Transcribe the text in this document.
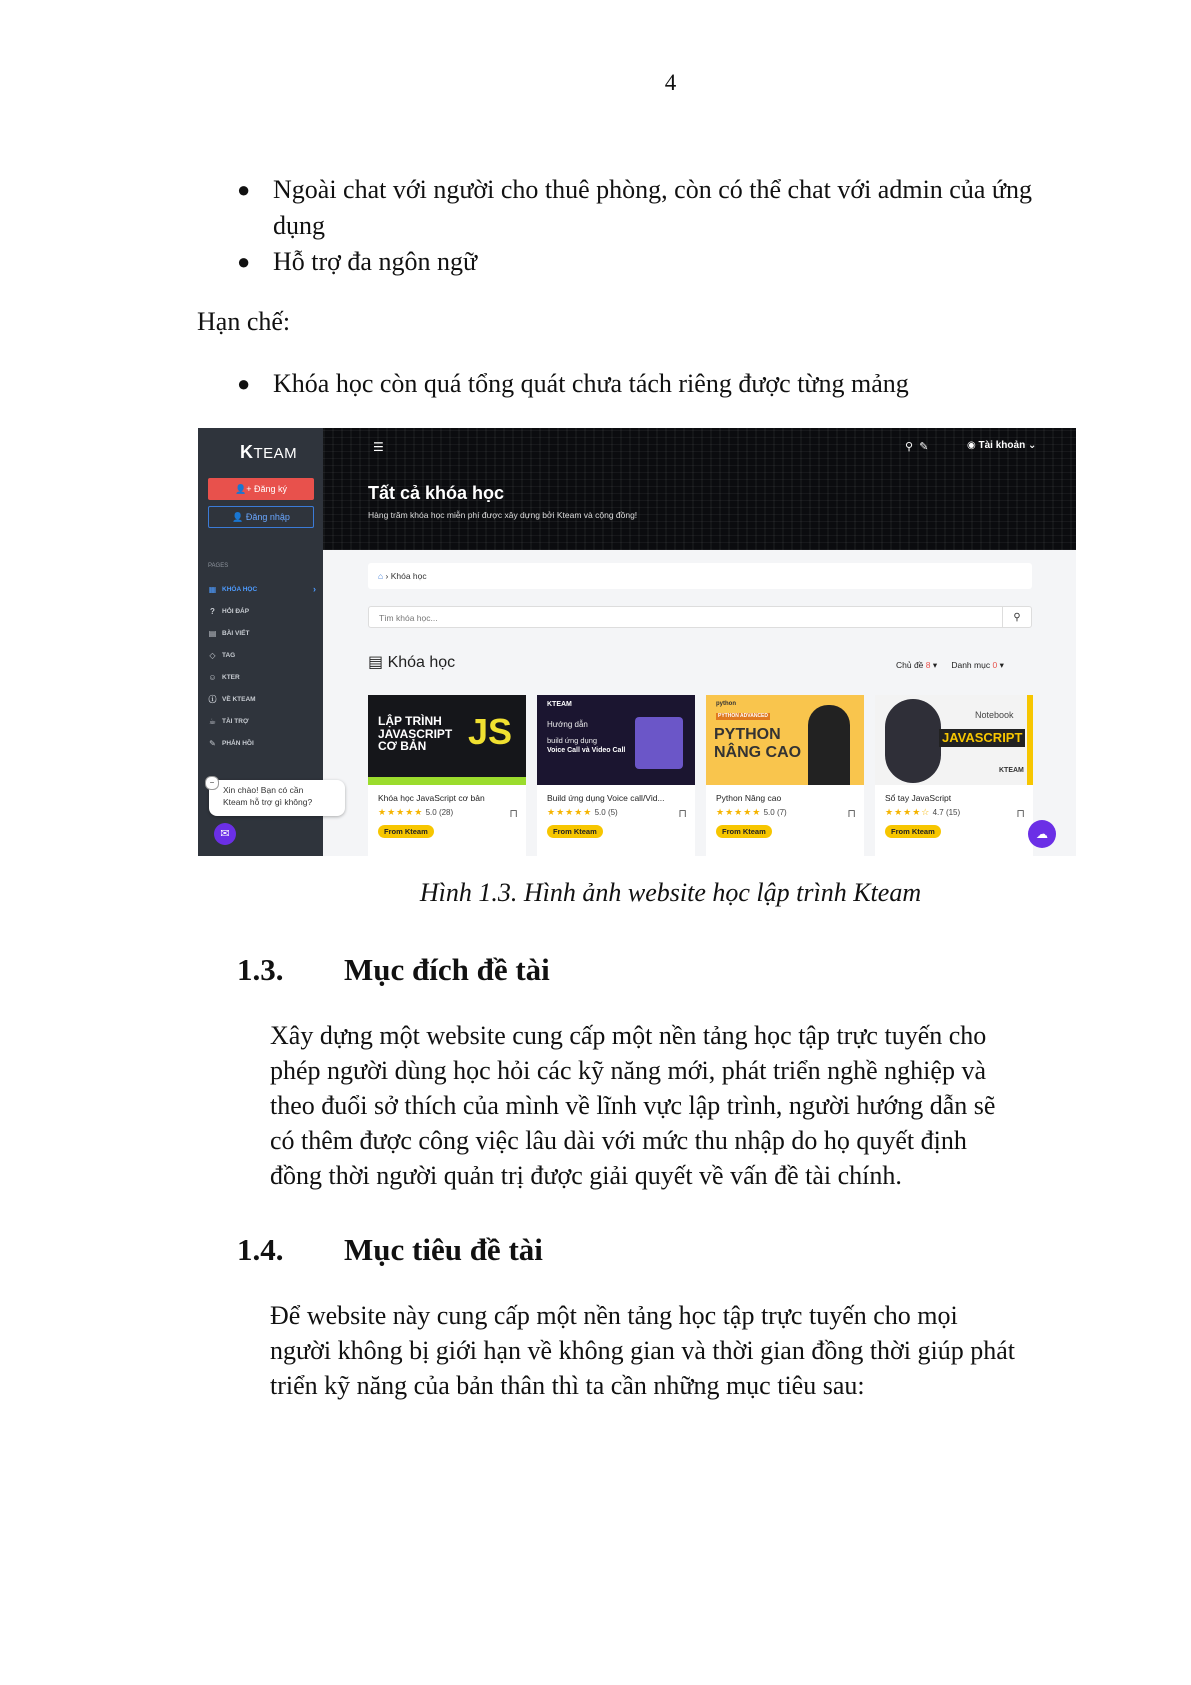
4

● Ngoài chat với người cho thuê phòng, còn có thể chat với admin của ứng dụng

● Hỗ trợ đa ngôn ngữ

Hạn chế:

● Khóa học còn quá tổng quát chưa tách riêng được từng mảng

KTEAM
👤+ Đăng ký
👤 Đăng nhập
PAGES
▦ KHÓA HỌC	›
?	HỎI ĐÁP
▤ BÀI VIẾT
◇ TAG
☺ KTER
ⓘ VỀ KTEAM
☕ TÀI TRỢ
✎ PHẢN HỒI
−
Xin chào! Bạn có cần
Kteam hỗ trợ gì không?
✉
☰	⚲ ✎	◉ Tài khoản ⌄
Tất cả khóa học
Hàng trăm khóa học miễn phí được xây dựng bởi Kteam và cộng đồng!
⌂ › Khóa học
Tìm khóa học...	⚲
▤ Khóa học	Chủ đề 8 ▾ Danh mục 0 ▾
LẬP TRÌNH
JAVASCRIPT
CƠ BẢN	JS
Khóa học JavaScript cơ bản
★★★★★ 5.0 (28)	⊓
From Kteam
KTEAM
Hướng dẫn
build ứng dụng
Voice Call và Video Call
Build ứng dụng Voice call/Vid...
★★★★★ 5.0 (5)	⊓
From Kteam
python
PYTHON ADVANCED
PYTHON
NÂNG CAO
Python Nâng cao
★★★★★ 5.0 (7)	⊓
From Kteam
Notebook
JAVASCRIPT
KTEAM
Sổ tay JavaScript
★★★★☆ 4.7 (15)	⊓
From Kteam	☁
Hình 1.3. Hình ảnh website học lập trình Kteam
1.3. Mục đích đề tài
Xây dựng một website cung cấp một nền tảng học tập trực tuyến cho
phép người dùng học hỏi các kỹ năng mới, phát triển nghề nghiệp và
theo đuổi sở thích của mình về lĩnh vực lập trình, người hướng dẫn sẽ
có thêm được công việc lâu dài với mức thu nhập do họ quyết định
đồng thời người quản trị được giải quyết về vấn đề tài chính.
1.4. Mục tiêu đề tài
Để website này cung cấp một nền tảng học tập trực tuyến cho mọi
người không bị giới hạn về không gian và thời gian đồng thời giúp phát
triển kỹ năng của bản thân thì ta cần những mục tiêu sau:
